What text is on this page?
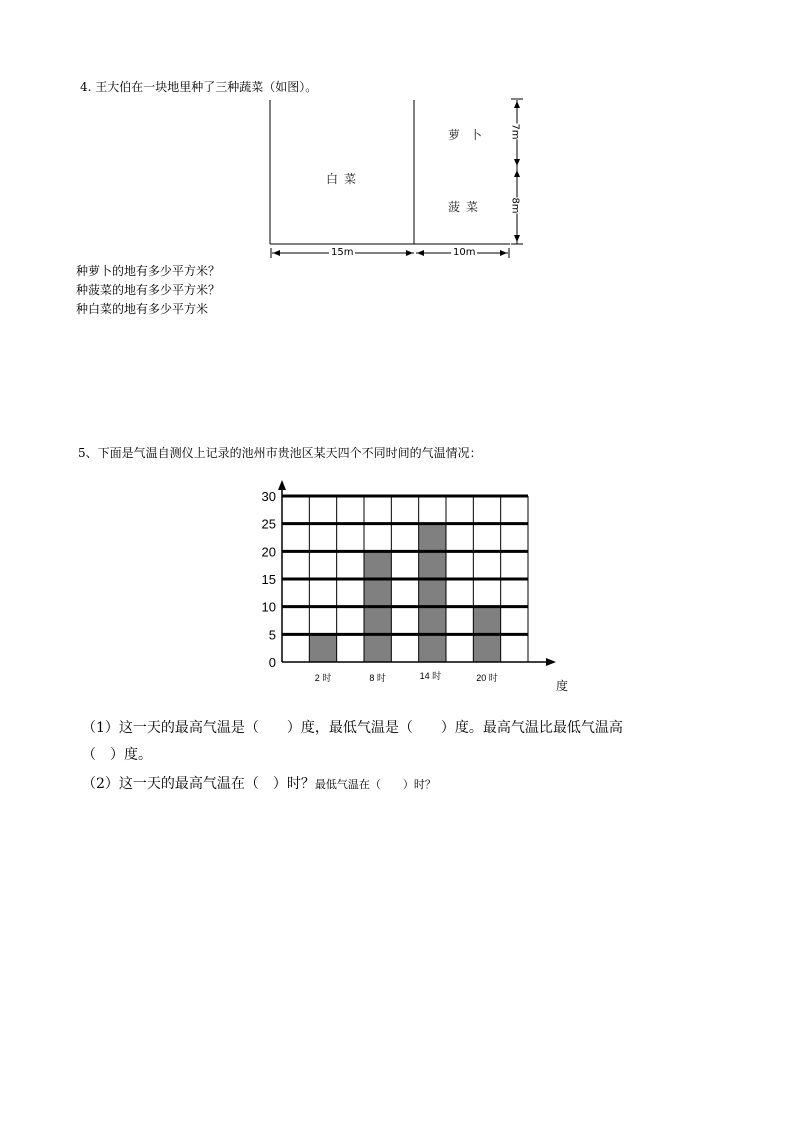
4. 王大伯在一块地里种了三种蔬菜（如图）。
白菜
萝卜
菠菜
15m	10m
7m
8m
种萝卜的地有多少平方米？
种菠菜的地有多少平方米？
种白菜的地有多少平方米
5、下面是气温自测仪上记录的池州市贵池区某天四个不同时间的气温情况：
0
5
10
15
20
25
30
2 时	8 时	14 时	20 时
度
（1）这一天的最高气温是（　　）度，最低气温是（　　）度。最高气温比最低气温高
（　）度。
（2）这一天的最高气温在（　）时？最低气温在（　　）时？
